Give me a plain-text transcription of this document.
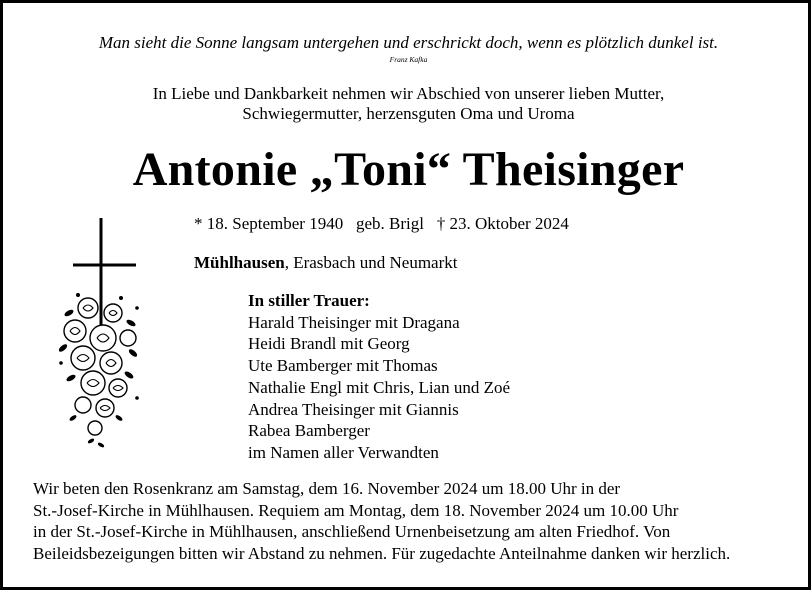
Man sieht die Sonne langsam untergehen und erschrickt doch, wenn es plötzlich dunkel ist.

Franz Kafka

In Liebe und Dankbarkeit nehmen wir Abschied von unserer lieben Mutter,
Schwiegermutter, herzensguten Oma und Uroma
Antonie „Toni“ Theisinger

* 18. September 1940   geb. Brigl   † 23. Oktober 2024

Mühlhausen, Erasbach und Neumarkt

In stiller Trauer:
Harald Theisinger mit Dragana
Heidi Brandl mit Georg
Ute Bamberger mit Thomas
Nathalie Engl mit Chris, Lian und Zoé
Andrea Theisinger mit Giannis
Rabea Bamberger
im Namen aller Verwandten
Wir beten den Rosenkranz am Samstag, dem 16. November 2024 um 18.00 Uhr in der
St.-Josef-Kirche in Mühlhausen. Requiem am Montag, dem 18. November 2024 um 10.00 Uhr
in der St.-Josef-Kirche in Mühlhausen, anschließend Urnenbeisetzung am alten Friedhof. Von
Beileidsbezeigungen bitten wir Abstand zu nehmen. Für zugedachte Anteilnahme danken wir herzlich.
